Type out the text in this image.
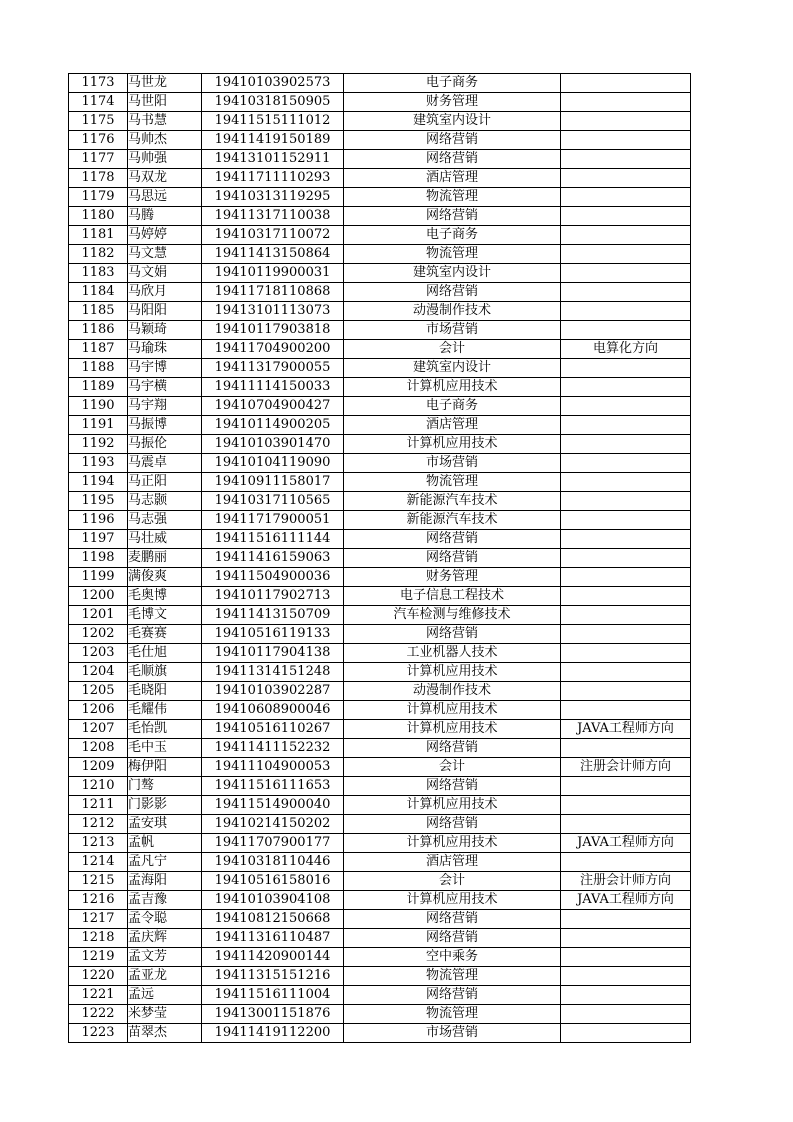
1173	马世龙	19410103902573	电子商务	
1174	马世阳	19410318150905	财务管理	
1175	马书慧	19411515111012	建筑室内设计	
1176	马帅杰	19411419150189	网络营销	
1177	马帅强	19413101152911	网络营销	
1178	马双龙	19411711110293	酒店管理	
1179	马思远	19410313119295	物流管理	
1180	马腾	19411317110038	网络营销	
1181	马婷婷	19410317110072	电子商务	
1182	马文慧	19411413150864	物流管理	
1183	马文娟	19410119900031	建筑室内设计	
1184	马欣月	19411718110868	网络营销	
1185	马阳阳	19413101113073	动漫制作技术	
1186	马颖琦	19410117903818	市场营销	
1187	马瑜珠	19411704900200	会计	电算化方向
1188	马宇博	19411317900055	建筑室内设计	
1189	马宇横	19411114150033	计算机应用技术	
1190	马宇翔	19410704900427	电子商务	
1191	马振博	19410114900205	酒店管理	
1192	马振伦	19410103901470	计算机应用技术	
1193	马震卓	19410104119090	市场营销	
1194	马正阳	19410911158017	物流管理	
1195	马志颢	19410317110565	新能源汽车技术	
1196	马志强	19411717900051	新能源汽车技术	
1197	马壮威	19411516111144	网络营销	
1198	麦鹏丽	19411416159063	网络营销	
1199	满俊爽	19411504900036	财务管理	
1200	毛奥博	19410117902713	电子信息工程技术	
1201	毛博文	19411413150709	汽车检测与维修技术	
1202	毛赛赛	19410516119133	网络营销	
1203	毛仕旭	19410117904138	工业机器人技术	
1204	毛顺旗	19411314151248	计算机应用技术	
1205	毛晓阳	19410103902287	动漫制作技术	
1206	毛耀伟	19410608900046	计算机应用技术	
1207	毛怡凯	19410516110267	计算机应用技术	JAVA工程师方向
1208	毛中玉	19411411152232	网络营销	
1209	梅伊阳	19411104900053	会计	注册会计师方向
1210	门骜	19411516111653	网络营销	
1211	门影影	19411514900040	计算机应用技术	
1212	孟安琪	19410214150202	网络营销	
1213	孟帆	19411707900177	计算机应用技术	JAVA工程师方向
1214	孟凡宁	19410318110446	酒店管理	
1215	孟海阳	19410516158016	会计	注册会计师方向
1216	孟吉豫	19410103904108	计算机应用技术	JAVA工程师方向
1217	孟令聪	19410812150668	网络营销	
1218	孟庆辉	19411316110487	网络营销	
1219	孟文芳	19411420900144	空中乘务	
1220	孟亚龙	19411315151216	物流管理	
1221	孟远	19411516111004	网络营销	
1222	米梦莹	19413001151876	物流管理	
1223	苗翠杰	19411419112200	市场营销	
